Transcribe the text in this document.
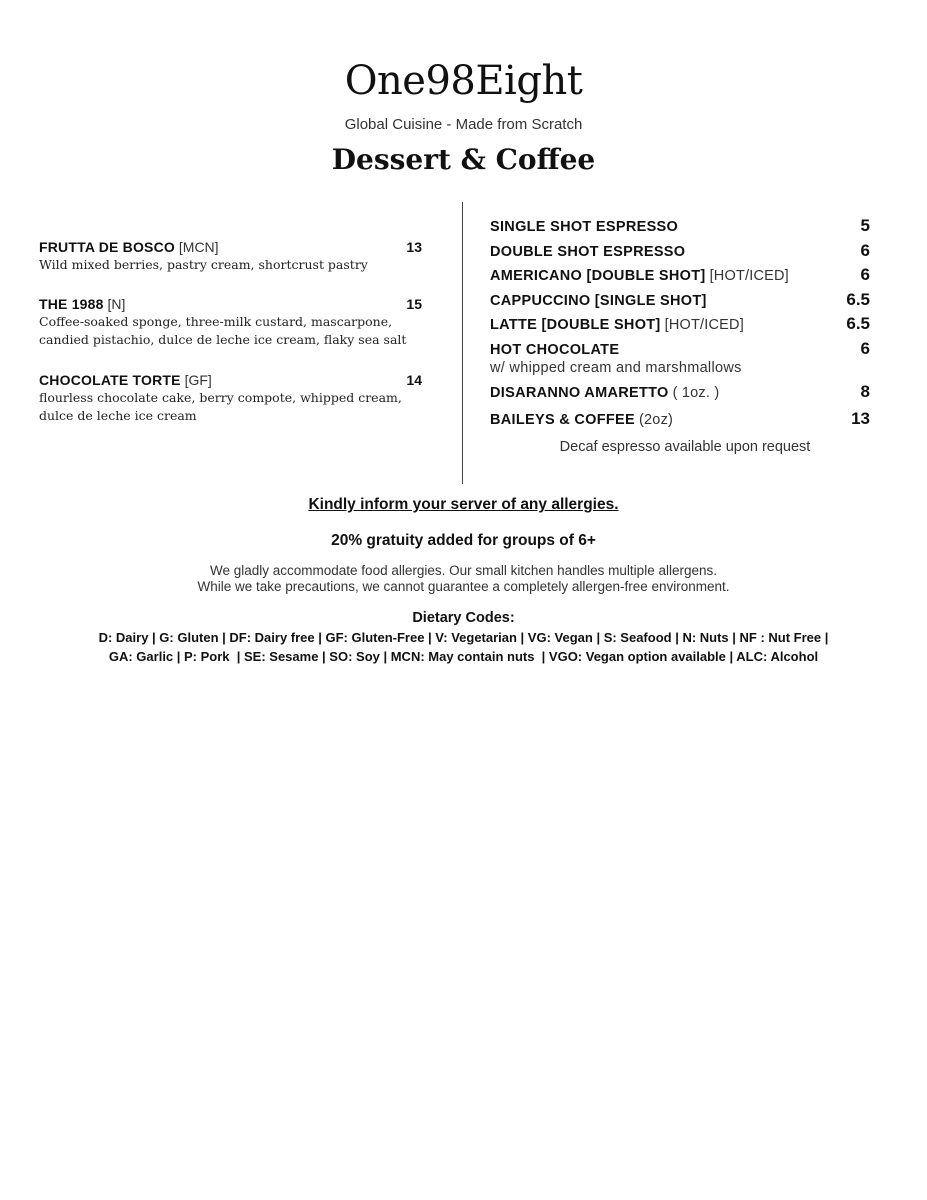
One98Eight
Global Cuisine - Made from Scratch
Dessert & Coffee
FRUTTA DE BOSCO [MCN]	13
Wild mixed berries, pastry cream, shortcrust pastry
THE 1988 [N]	15
Coffee-soaked sponge, three-milk custard, mascarpone, candied pistachio, dulce de leche ice cream, flaky sea salt
CHOCOLATE TORTE [GF]	14
flourless chocolate cake, berry compote, whipped cream, dulce de leche ice cream
SINGLE SHOT ESPRESSO	5
DOUBLE SHOT ESPRESSO	6
AMERICANO [DOUBLE SHOT] [HOT/ICED]	6
CAPPUCCINO [SINGLE SHOT]	6.5
LATTE [DOUBLE SHOT] [HOT/ICED]	6.5
HOT CHOCOLATE	6
w/ whipped cream and marshmallows
DISARANNO AMARETTO ( 1oz. )	8
BAILEYS & COFFEE (2oz)	13
Decaf espresso available upon request
Kindly inform your server of any allergies.
20% gratuity added for groups of 6+
We gladly accommodate food allergies. Our small kitchen handles multiple allergens.
While we take precautions, we cannot guarantee a completely allergen-free environment.
Dietary Codes:
D: Dairy | G: Gluten | DF: Dairy free | GF: Gluten-Free | V: Vegetarian | VG: Vegan | S: Seafood | N: Nuts | NF : Nut Free |
GA: Garlic | P: Pork  | SE: Sesame | SO: Soy | MCN: May contain nuts  | VGO: Vegan option available | ALC: Alcohol
